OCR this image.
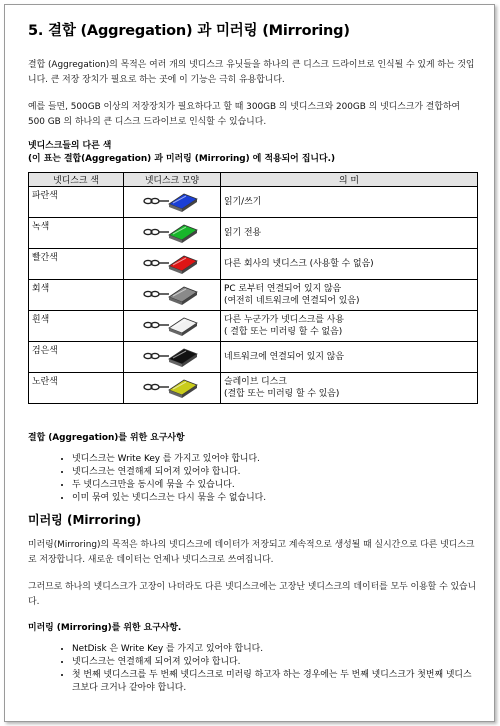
5. 결합 (Aggregation) 과 미러링 (Mirroring)

결합 (Aggregation)의 목적은 여러 개의 넷디스크 유닛들을 하나의 큰 디스크 드라이브로 인식될 수 있게 하는 것입니다. 큰 저장 장치가 필요로 하는 곳에 이 기능은 극히 유용합니다.

예를 들면, 500GB 이상의 저장장치가 필요하다고 할 때 300GB 의 넷디스크와 200GB 의 넷디스크가 결합하여 500 GB 의 하나의 큰 디스크 드라이브로 인식할 수 있습니다.

넷디스크들의 다른 색
(이 표는 결합(Aggregation) 과 미러링 (Mirroring) 에 적용되어 집니다.)
넷디스크 색	넷디스크 모양	의 미
파란색		읽기/쓰기
녹색		읽기 전용
빨간색		다른 회사의 넷디스크 (사용할 수 없음)
회색		PC 로부터 연결되어 있지 않음
(여전히 네트워크에 연결되어 있음)
흰색		다른 누군가가 넷디스크를 사용
( 결합 또는 미러링 할 수 없음)
검은색		네트워크에 연결되어 있지 않음
노란색		슬레이브 디스크
(결합 또는 미러링 할 수 있음)
결합 (Aggregation)를 위한 요구사항
• 넷디스크는 Write Key 를 가지고 있어야 합니다.
• 넷디스크는 연결해제 되어져 있어야 합니다.
• 두 넷디스크만을 동시에 묶을 수 있습니다.
• 이미 묶여 있는 넷디스크는 다시 묶을 수 없습니다.
미러링 (Mirroring)

미러링(Mirroring)의 목적은 하나의 넷디스크에 데이터가 저장되고 계속적으로 생성될 때 실시간으로 다른 넷디스크로 저장합니다. 새로운 데이터는 언제나 넷디스크로 쓰여집니다.

그러므로 하나의 넷디스크가 고장이 나더라도 다른 넷디스크에는 고장난 넷디스크의 데이터를 모두 이용할 수 있습니다.

미러링 (Mirroring)를 위한 요구사항.
• NetDisk 은 Write Key 를 가지고 있어야 합니다.
• 넷디스크는 연결해제 되어져 있어야 합니다.
• 첫 번째 넷디스크를 두 번째 넷디스크로 미러링 하고자 하는 경우에는 두 번째 넷디스크가 첫번째 넷디스크보다 크거나 같아야 합니다.
